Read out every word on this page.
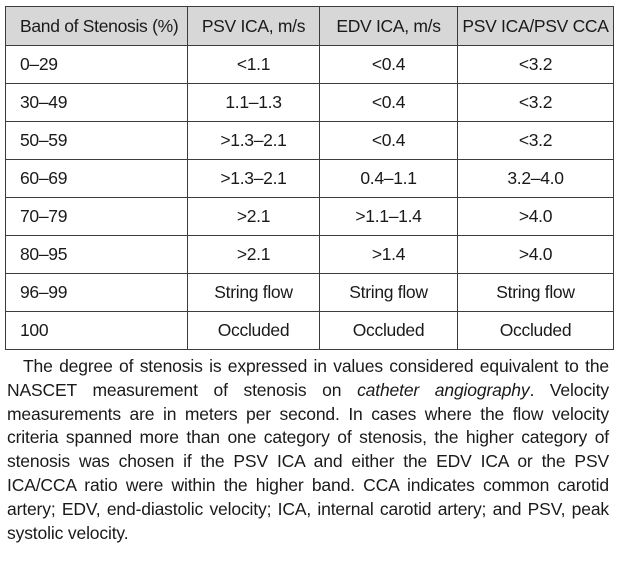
Band of Stenosis (%)	PSV ICA, m/s	EDV ICA, m/s	PSV ICA/PSV CCA
0–29	<1.1	<0.4	<3.2
30–49	1.1–1.3	<0.4	<3.2
50–59	>1.3–2.1	<0.4	<3.2
60–69	>1.3–2.1	0.4–1.1	3.2–4.0
70–79	>2.1	>1.1–1.4	>4.0
80–95	>2.1	>1.4	>4.0
96–99	String flow	String flow	String flow
100	Occluded	Occluded	Occluded

The degree of stenosis is expressed in values considered equivalent to the NASCET measurement of stenosis on catheter angiography. Velocity measurements are in meters per second. In cases where the flow velocity criteria spanned more than one category of stenosis, the higher category of stenosis was chosen if the PSV ICA and either the EDV ICA or the PSV ICA/CCA ratio were within the higher band. CCA indicates common carotid artery; EDV, end-diastolic velocity; ICA, internal carotid artery; and PSV, peak systolic velocity.
